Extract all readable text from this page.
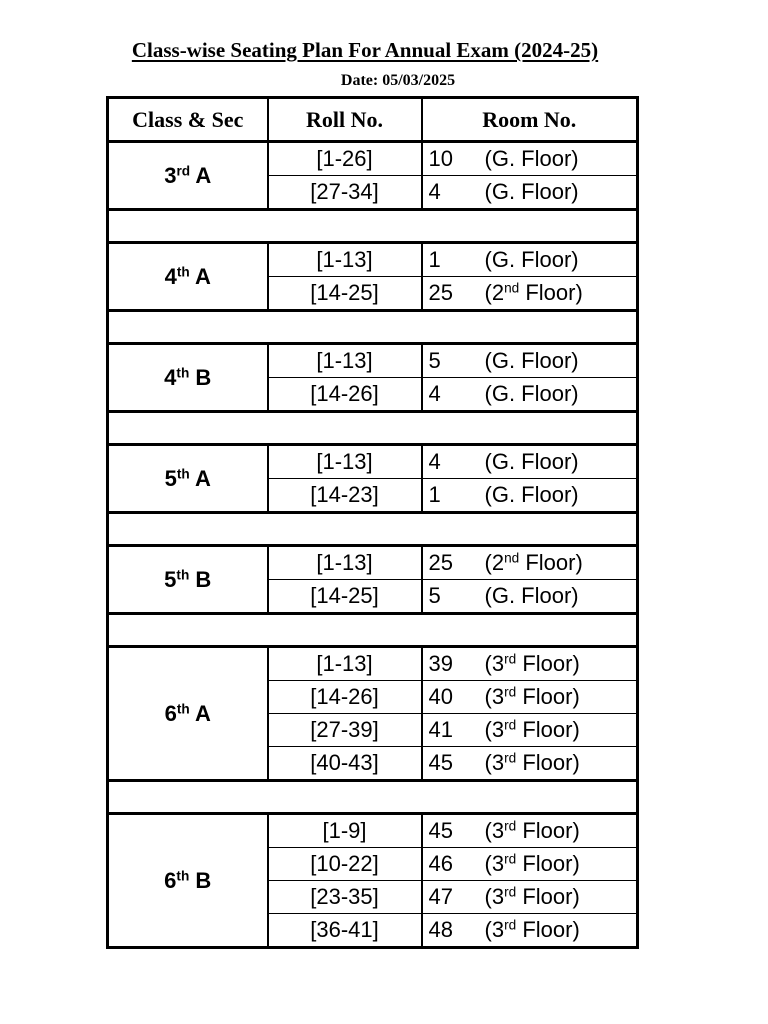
Class-wise Seating Plan For Annual Exam (2024-25)
Date: 05/03/2025
Class & Sec	Roll No.	Room No.
3rd A	[1-26]	10 (G. Floor)
	[27-34]	4 (G. Floor)

4th A	[1-13]	1 (G. Floor)
	[14-25]	25 (2nd Floor)

4th B	[1-13]	5 (G. Floor)
	[14-26]	4 (G. Floor)

5th A	[1-13]	4 (G. Floor)
	[14-23]	1 (G. Floor)

5th B	[1-13]	25 (2nd Floor)
	[14-25]	5 (G. Floor)

6th A	[1-13]	39 (3rd Floor)
	[14-26]	40 (3rd Floor)
	[27-39]	41 (3rd Floor)
	[40-43]	45 (3rd Floor)

6th B	[1-9]	45 (3rd Floor)
	[10-22]	46 (3rd Floor)
	[23-35]	47 (3rd Floor)
	[36-41]	48 (3rd Floor)
